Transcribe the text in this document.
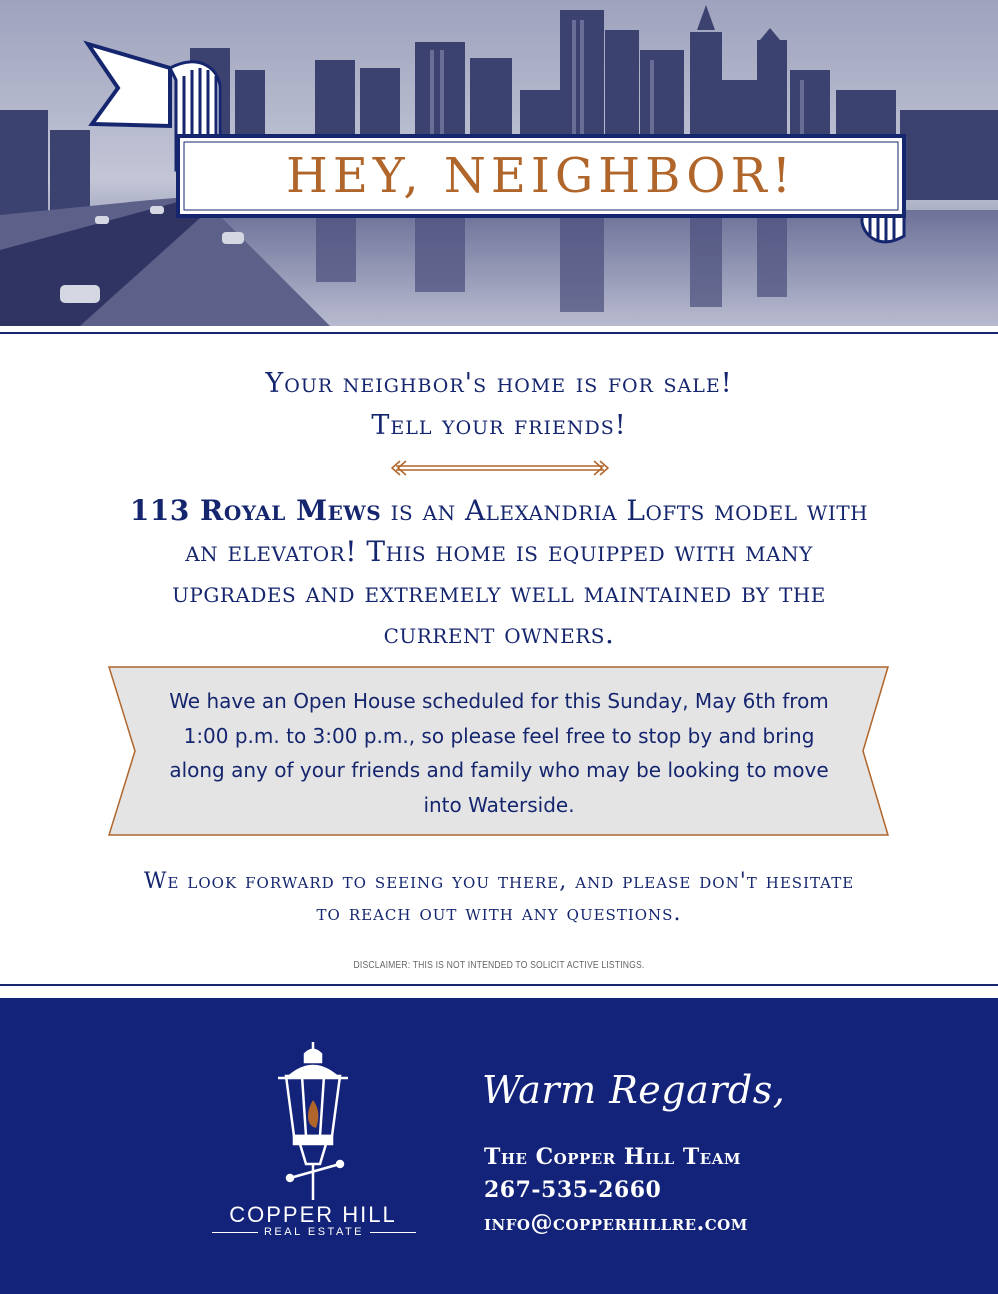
HEY, NEIGHBOR!
Your neighbor's home is for sale!
Tell your friends!
113 Royal Mews is an Alexandria Lofts model with an elevator! This home is equipped with many upgrades and extremely well maintained by the current owners.
We have an Open House scheduled for this Sunday, May 6th from 1:00 p.m. to 3:00 p.m., so please feel free to stop by and bring along any of your friends and family who may be looking to move into Waterside.
We look forward to seeing you there, and please don't hesitate to reach out with any questions.
DISCLAIMER: THIS IS NOT INTENDED TO SOLICIT ACTIVE LISTINGS.
COPPER HILL
REAL ESTATE
Warm Regards,
The Copper Hill Team
267-535-2660
info@copperhillre.com
